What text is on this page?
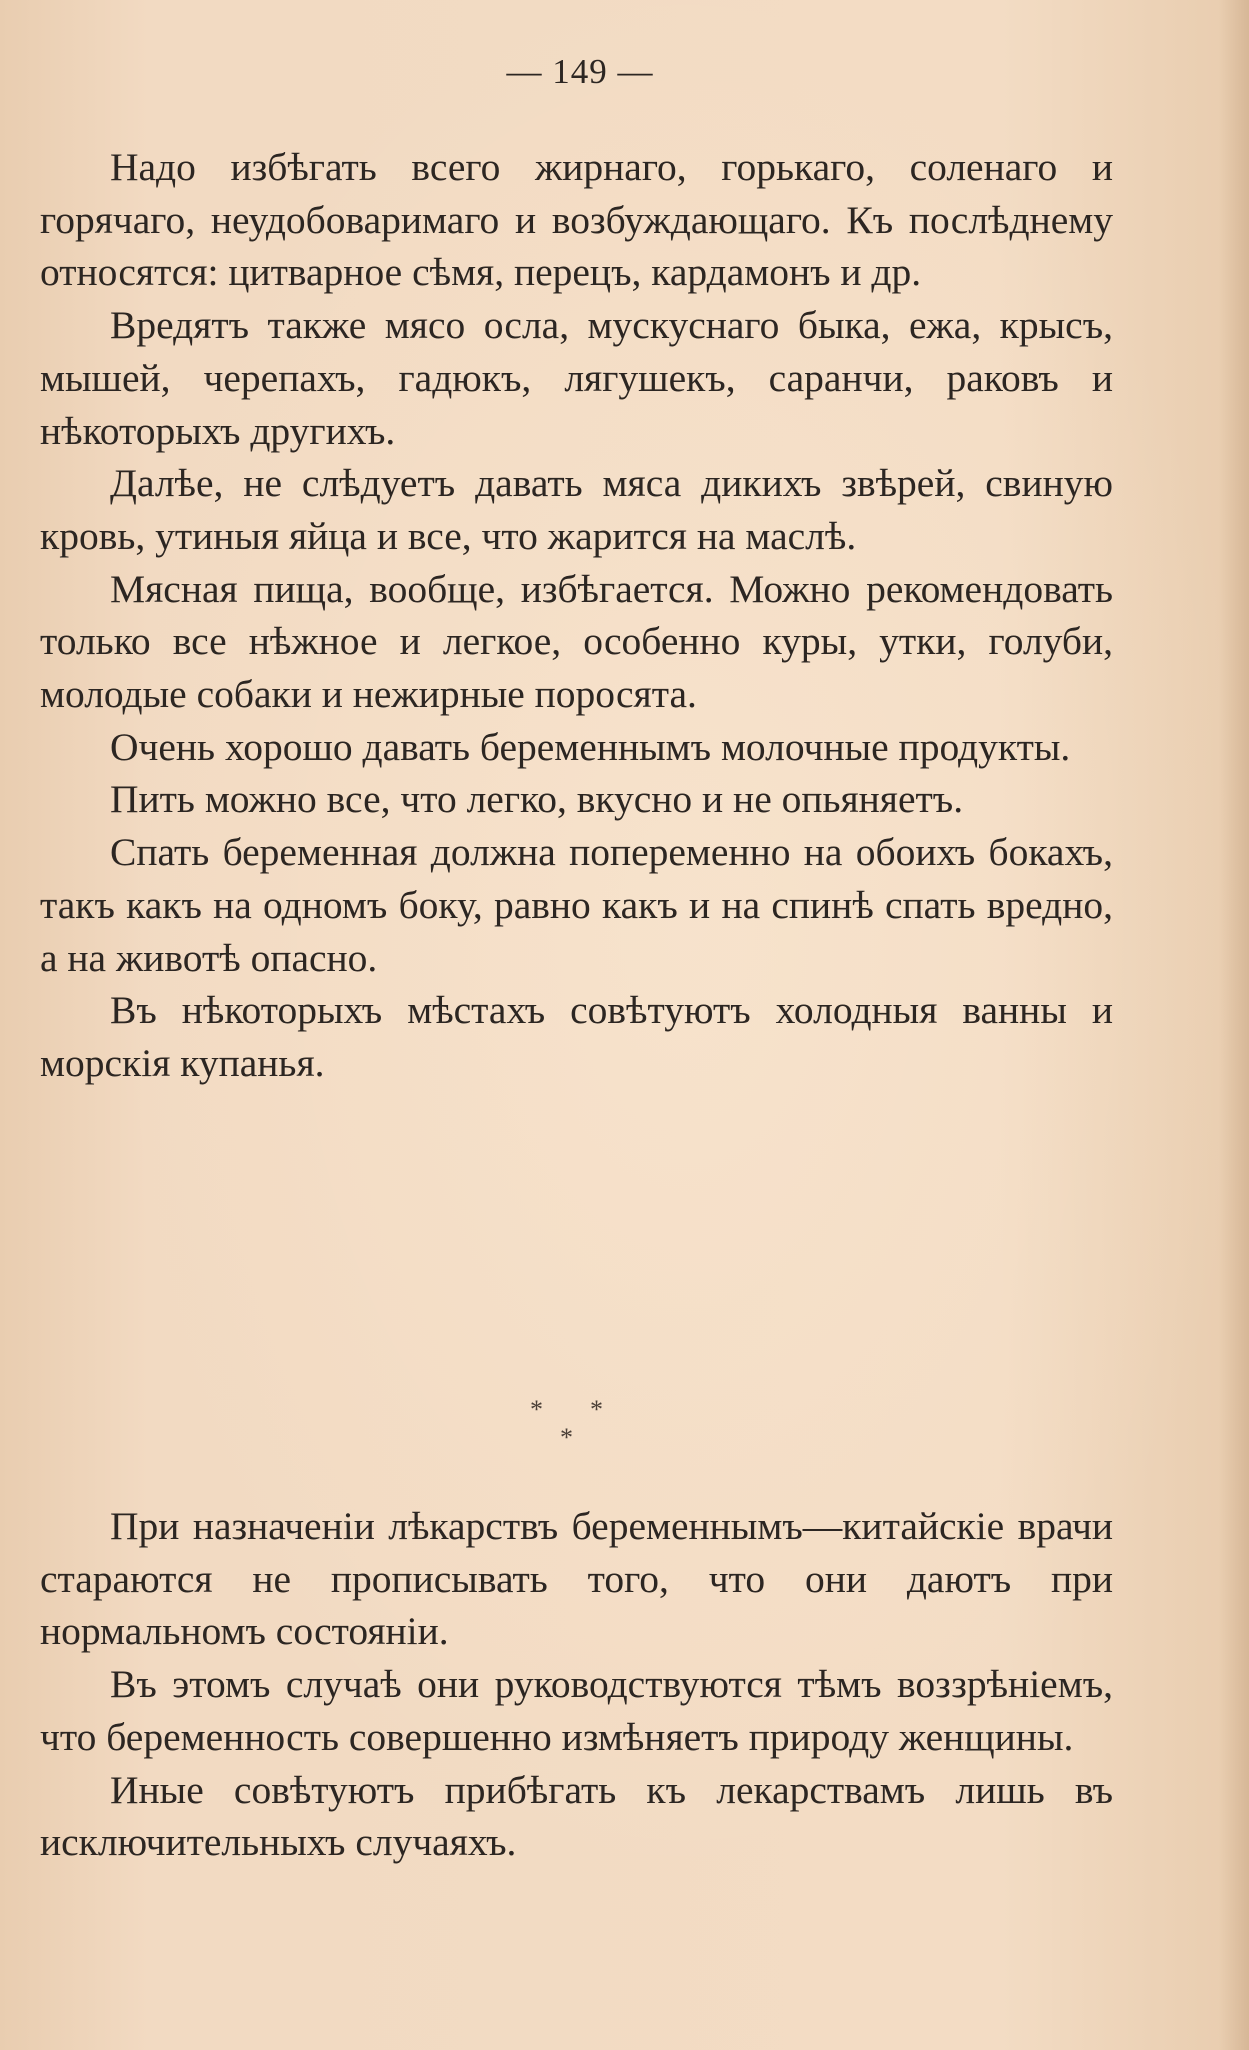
— 149 —

Надо избѣгать всего жирнаго, горькаго, соленаго и горячаго, неудобоваримаго и возбуждающаго. Къ послѣднему относятся: цитварное сѣмя, перецъ, кардамонъ и др.

Вредятъ также мясо осла, мускуснаго быка, ежа, крысъ, мышей, черепахъ, гадюкъ, лягушекъ, саранчи, раковъ и нѣкоторыхъ другихъ.

Далѣе, не слѣдуетъ давать мяса дикихъ звѣрей, свиную кровь, утиныя яйца и все, что жарится на маслѣ.

Мясная пища, вообще, избѣгается. Можно рекомендовать только все нѣжное и легкое, особенно куры, утки, голуби, молодые собаки и нежирные поросята.

Очень хорошо давать беременнымъ молочные продукты.

Пить можно все, что легко, вкусно и не опьяняетъ.

Спать беременная должна попеременно на обоихъ бокахъ, такъ какъ на одномъ боку, равно какъ и на спинѣ спать вредно, а на животѣ опасно.

Въ нѣкоторыхъ мѣстахъ совѣтуютъ холодныя ванны и морскія купанья.

* *
*

При назначеніи лѣкарствъ беременнымъ—китайскіе врачи стараются не прописывать того, что они даютъ при нормальномъ состояніи.

Въ этомъ случаѣ они руководствуются тѣмъ воззрѣніемъ, что беременность совершенно измѣняетъ природу женщины.

Иные совѣтуютъ прибѣгать къ лекарствамъ лишь въ исключительныхъ случаяхъ.
